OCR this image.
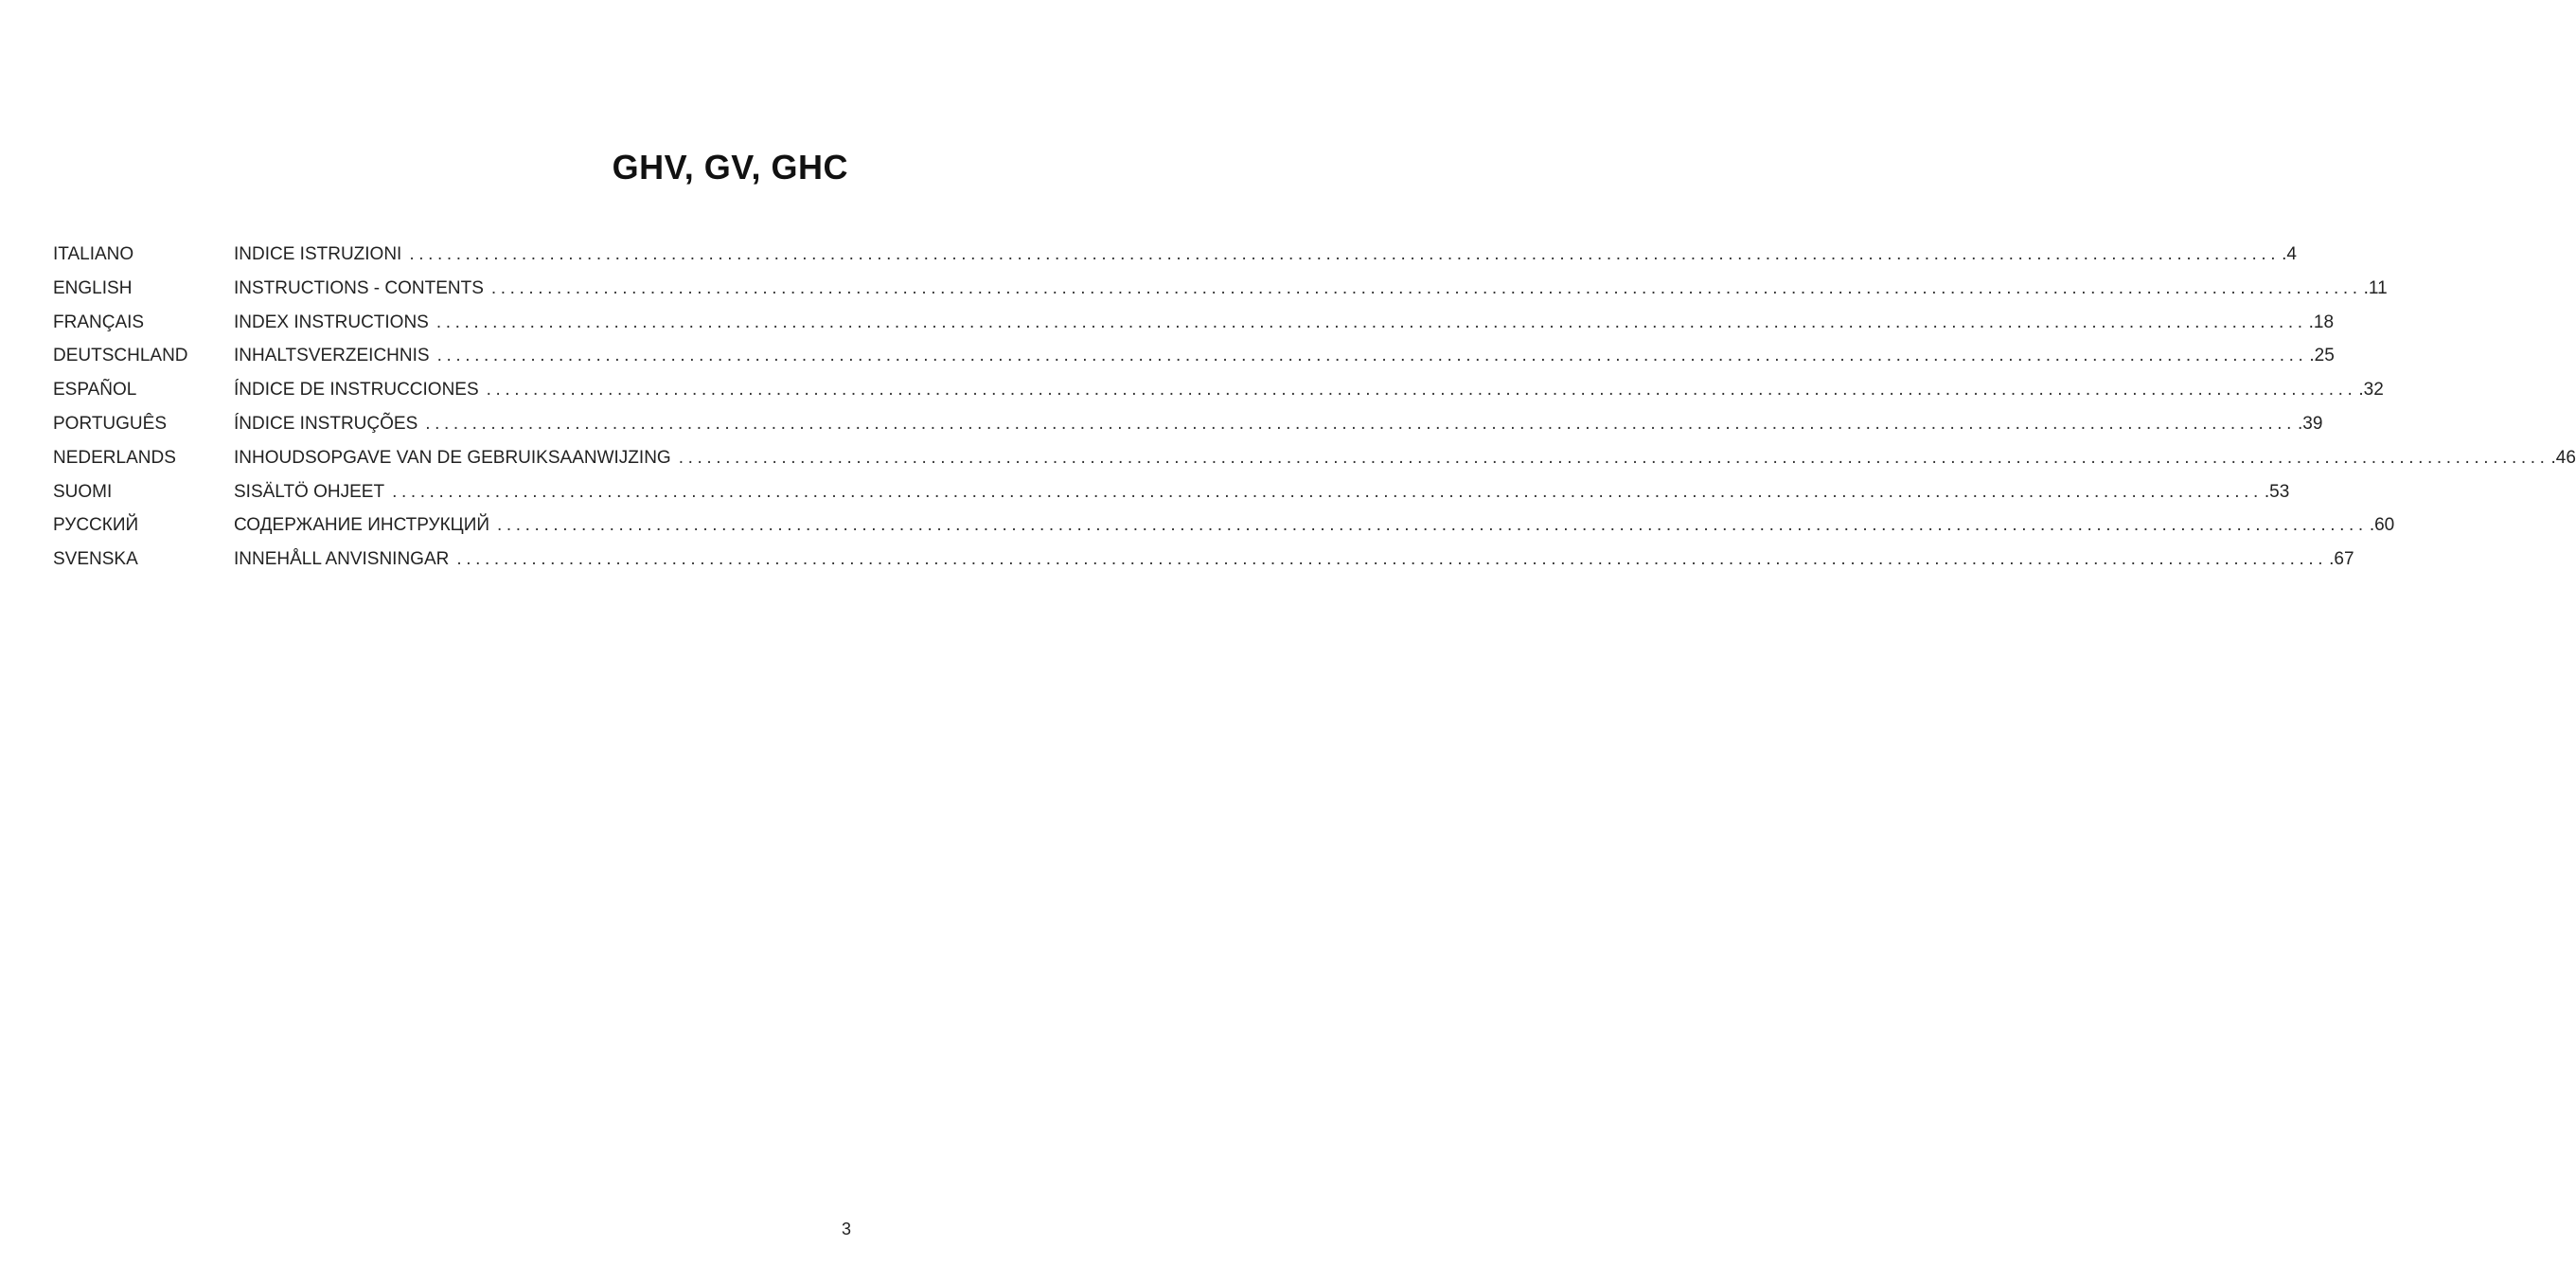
GHV, GV, GHC
ITALIANO	INDICE ISTRUZIONI ........................................................................................................................................................................................................ .4
ENGLISH	INSTRUCTIONS - CONTENTS ........................................................................................................................................................................................................ .11
FRANÇAIS	INDEX INSTRUCTIONS ........................................................................................................................................................................................................ .18
DEUTSCHLAND	INHALTSVERZEICHNIS ........................................................................................................................................................................................................ .25
ESPAÑOL	ÍNDICE DE INSTRUCCIONES ........................................................................................................................................................................................................ .32
PORTUGUÊS	ÍNDICE INSTRUÇÕES ........................................................................................................................................................................................................ .39
NEDERLANDS	INHOUDSOPGAVE VAN DE GEBRUIKSAANWIJZING ........................................................................................................................................................................................................ .46
SUOMI	SISÄLTÖ OHJEET ........................................................................................................................................................................................................ .53
РУССКИЙ	СОДЕРЖАНИЕ ИНСТРУКЦИЙ ........................................................................................................................................................................................................ .60
SVENSKA	INNEHÅLL ANVISNINGAR ........................................................................................................................................................................................................ .67
3
